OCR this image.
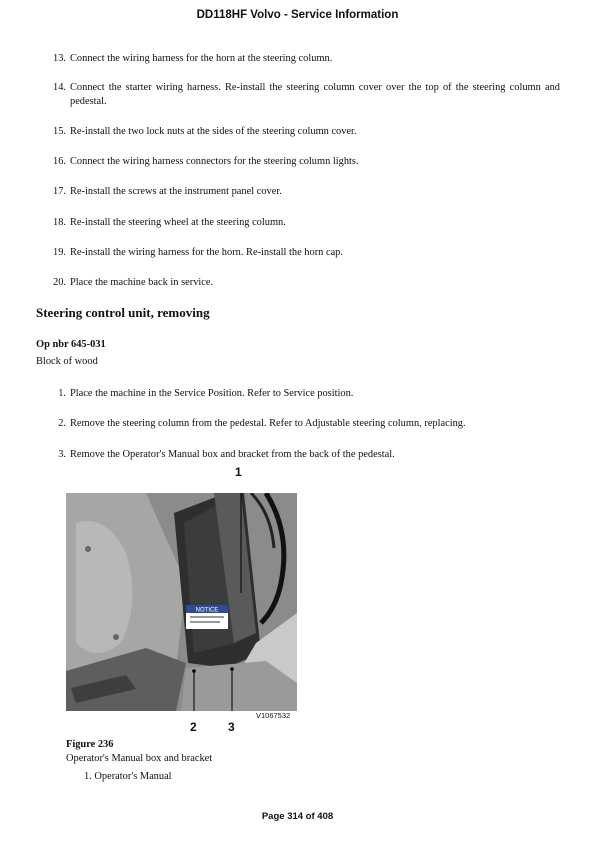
DD118HF Volvo - Service Information
13. Connect the wiring harness for the horn at the steering column.
14. Connect the starter wiring harness. Re-install the steering column cover over the top of the steering column and pedestal.
15. Re-install the two lock nuts at the sides of the steering column cover.
16. Connect the wiring harness connectors for the steering column lights.
17. Re-install the screws at the instrument panel cover.
18. Re-install the steering wheel at the steering column.
19. Re-install the wiring harness for the horn. Re-install the horn cap.
20. Place the machine back in service.
1. Place the machine in the Service Position. Refer to Service position.
2. Remove the steering column from the pedestal. Refer to Adjustable steering column, replacing.
3. Remove the Operator's Manual box and bracket from the back of the pedestal.
Steering control unit, removing
Op nbr 645-031
Block of wood
1
NOTICE
V1067532
2	3
Figure 236
Operator's Manual box and bracket
1. Operator's Manual
Page 314 of 408
